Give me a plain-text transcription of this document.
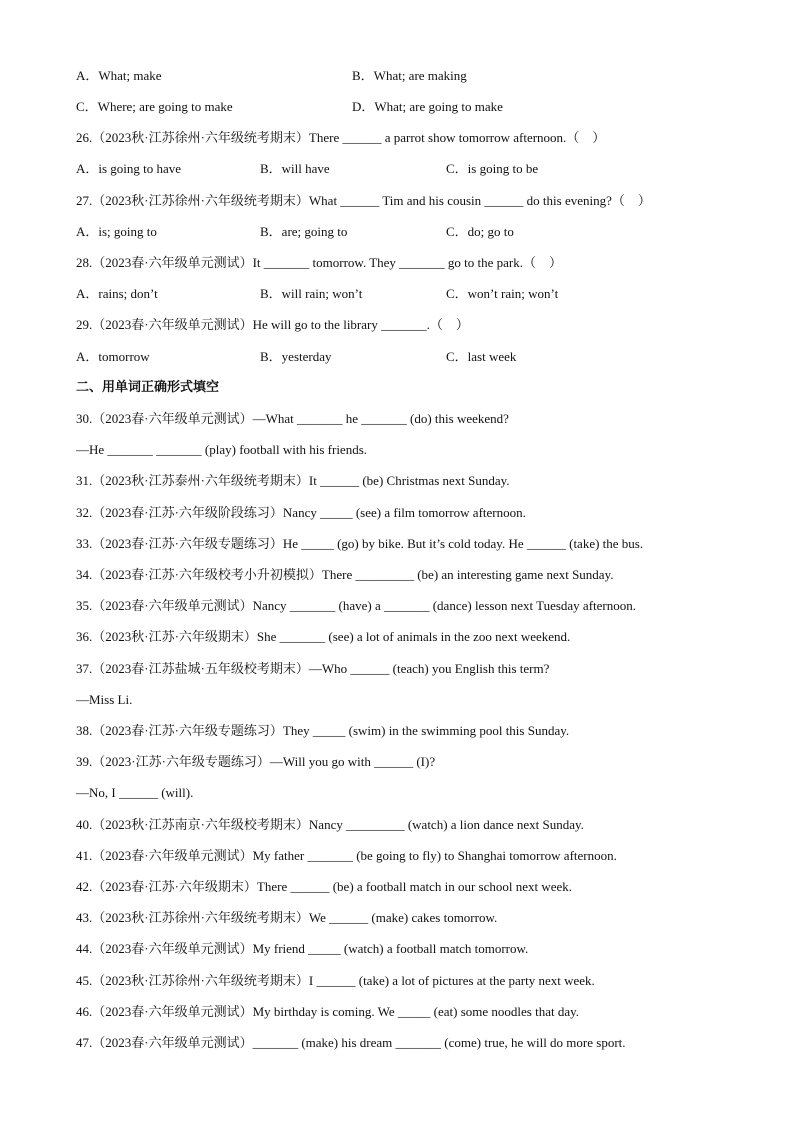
A．What; make

	B．What; are making

C．Where; are going to make

	D．What; are going to make

26.（2023秋·江苏徐州·六年级统考期末）There ______ a parrot show tomorrow afternoon.（　）

A．is going to have

	B．will have

	C．is going to be

27.（2023秋·江苏徐州·六年级统考期末）What ______ Tim and his cousin ______ do this evening?（　）

A．is; going to

	B．are; going to

	C．do; go to

28.（2023春·六年级单元测试）It _______ tomorrow. They _______ go to the park.（　）

A．rains; don’t

	B．will rain; won’t

	C．won’t rain; won’t

29.（2023春·六年级单元测试）He will go to the library _______.（　）

A．tomorrow

	B．yesterday

	C．last week

二、用单词正确形式填空
30.（2023春·六年级单元测试）—What _______ he _______ (do) this weekend?
—He _______ _______ (play) football with his friends.
31.（2023秋·江苏泰州·六年级统考期末）It ______ (be) Christmas next Sunday.
32.（2023春·江苏·六年级阶段练习）Nancy _____ (see) a film tomorrow afternoon.
33.（2023春·江苏·六年级专题练习）He _____ (go) by bike. But it’s cold today. He ______ (take) the bus.
34.（2023春·江苏·六年级校考小升初模拟）There _________ (be) an interesting game next Sunday.
35.（2023春·六年级单元测试）Nancy _______ (have) a _______ (dance) lesson next Tuesday afternoon.
36.（2023秋·江苏·六年级期末）She _______ (see) a lot of animals in the zoo next weekend.
37.（2023春·江苏盐城·五年级校考期末）—Who ______ (teach) you English this term?
—Miss Li.
38.（2023春·江苏·六年级专题练习）They _____ (swim) in the swimming pool this Sunday.
39.（2023·江苏·六年级专题练习）—Will you go with ______ (I)?
—No, I ______ (will).
40.（2023秋·江苏南京·六年级校考期末）Nancy _________ (watch) a lion dance next Sunday.
41.（2023春·六年级单元测试）My father _______ (be going to fly) to Shanghai tomorrow afternoon.
42.（2023春·江苏·六年级期末）There ______ (be) a football match in our school next week.
43.（2023秋·江苏徐州·六年级统考期末）We ______ (make) cakes tomorrow.
44.（2023春·六年级单元测试）My friend _____ (watch) a football match tomorrow.
45.（2023秋·江苏徐州·六年级统考期末）I ______ (take) a lot of pictures at the party next week.
46.（2023春·六年级单元测试）My birthday is coming. We _____ (eat) some noodles that day.
47.（2023春·六年级单元测试）_______ (make) his dream _______ (come) true, he will do more sport.
